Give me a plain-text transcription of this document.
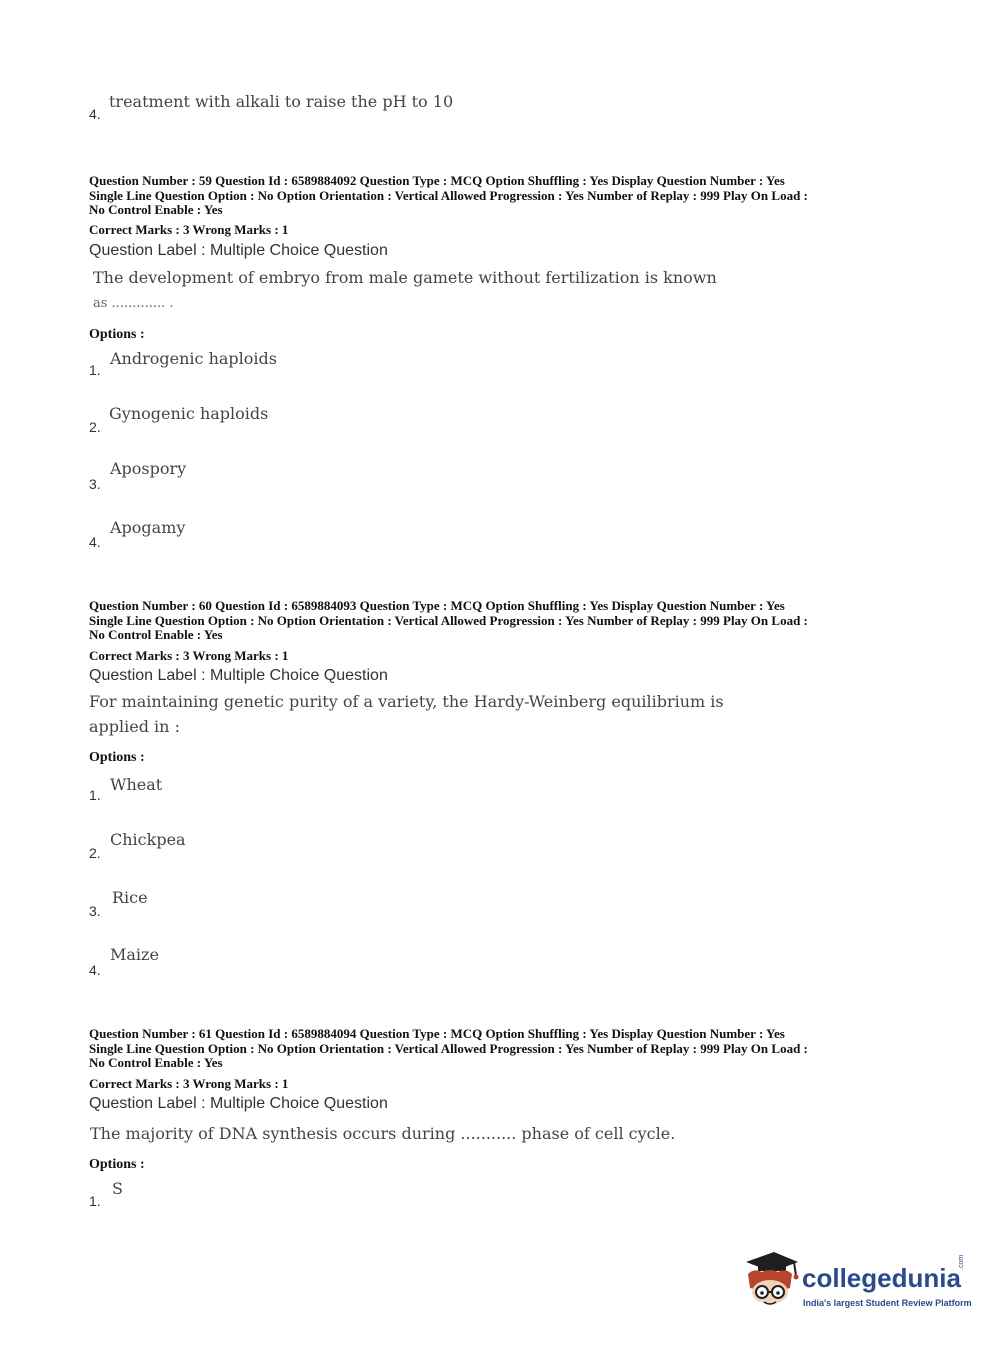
4.
treatment with alkali to raise the pH to 10
Question Number : 59 Question Id : 6589884092 Question Type : MCQ Option Shuffling : Yes Display Question Number : Yes
Single Line Question Option : No Option Orientation : Vertical Allowed Progression : Yes Number of Replay : 999 Play On Load :
No Control Enable : Yes
Correct Marks : 3 Wrong Marks : 1
Question Label : Multiple Choice Question
The development of embryo from male gamete without fertilization is known
as ............. .
Options :
1.
Androgenic haploids
2.
Gynogenic haploids
3.
Apospory
4.
Apogamy
Question Number : 60 Question Id : 6589884093 Question Type : MCQ Option Shuffling : Yes Display Question Number : Yes
Single Line Question Option : No Option Orientation : Vertical Allowed Progression : Yes Number of Replay : 999 Play On Load :
No Control Enable : Yes
Correct Marks : 3 Wrong Marks : 1
Question Label : Multiple Choice Question
For maintaining genetic purity of a variety, the Hardy-Weinberg equilibrium is
applied in :
Options :
1.
Wheat
2.
Chickpea
3.
Rice
4.
Maize
Question Number : 61 Question Id : 6589884094 Question Type : MCQ Option Shuffling : Yes Display Question Number : Yes
Single Line Question Option : No Option Orientation : Vertical Allowed Progression : Yes Number of Replay : 999 Play On Load :
No Control Enable : Yes
Correct Marks : 3 Wrong Marks : 1
Question Label : Multiple Choice Question
The majority of DNA synthesis occurs during ........... phase of cell cycle.
Options :
1.
S
collegedunia
.com
India's largest Student Review Platform
